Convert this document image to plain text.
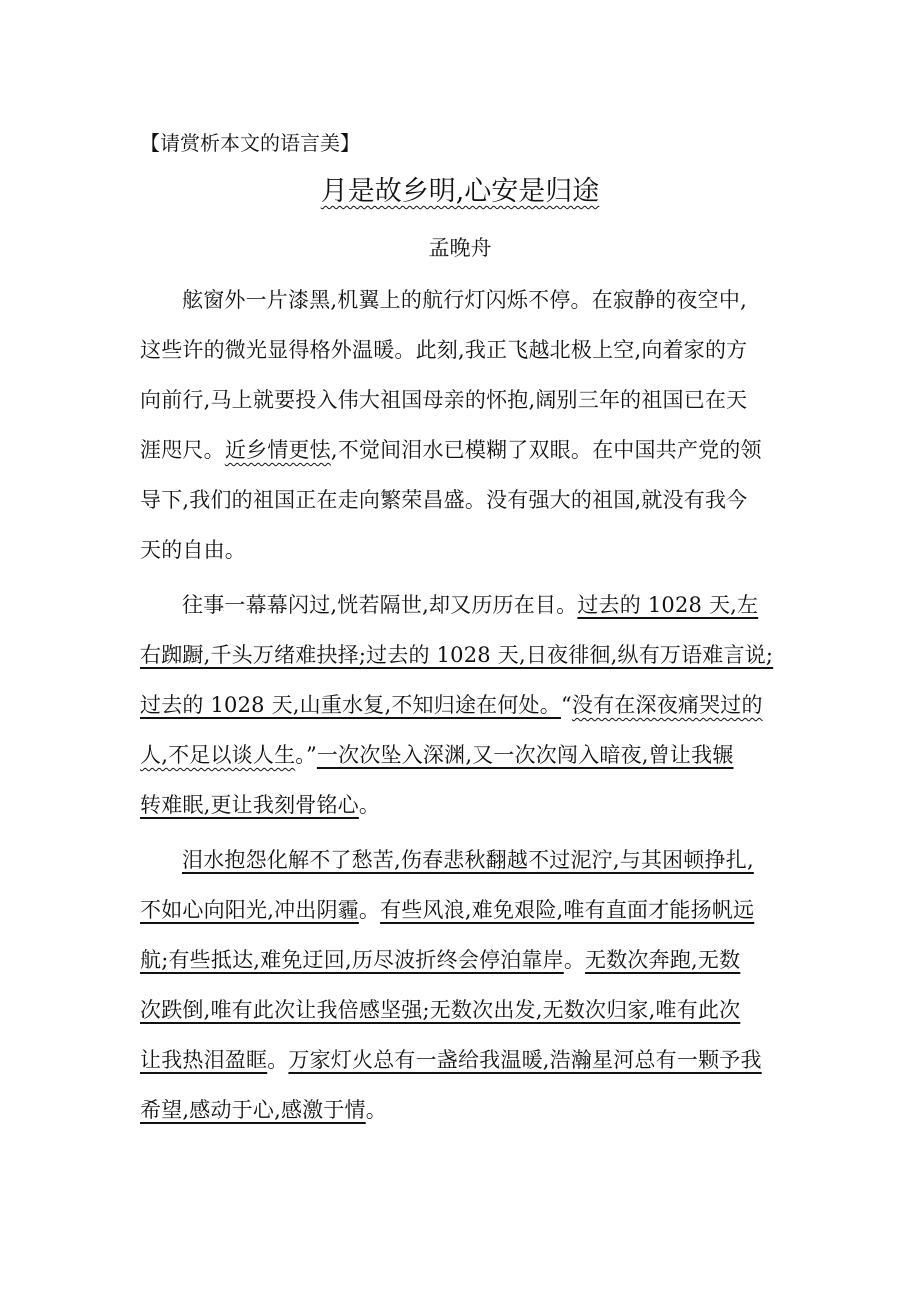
【请赏析本文的语言美】
月是故乡明,心安是归途
孟晚舟
舷窗外一片漆黑,机翼上的航行灯闪烁不停。在寂静的夜空中,
这些许的微光显得格外温暖。此刻,我正飞越北极上空,向着家的方
向前行,马上就要投入伟大祖国母亲的怀抱,阔别三年的祖国已在天
涯咫尺。近乡情更怯,不觉间泪水已模糊了双眼。在中国共产党的领
导下,我们的祖国正在走向繁荣昌盛。没有强大的祖国,就没有我今
天的自由。
往事一幕幕闪过,恍若隔世,却又历历在目。过去的 1028 天,左
右踟蹰,千头万绪难抉择;过去的 1028 天,日夜徘徊,纵有万语难言说;
过去的 1028 天,山重水复,不知归途在何处。“没有在深夜痛哭过的
人,不足以谈人生。”一次次坠入深渊,又一次次闯入暗夜,曾让我辗
转难眠,更让我刻骨铭心。
泪水抱怨化解不了愁苦,伤春悲秋翻越不过泥泞,与其困顿挣扎,
不如心向阳光,冲出阴霾。有些风浪,难免艰险,唯有直面才能扬帆远
航;有些抵达,难免迂回,历尽波折终会停泊靠岸。无数次奔跑,无数
次跌倒,唯有此次让我倍感坚强;无数次出发,无数次归家,唯有此次
让我热泪盈眶。万家灯火总有一盏给我温暖,浩瀚星河总有一颗予我
希望,感动于心,感激于情。
